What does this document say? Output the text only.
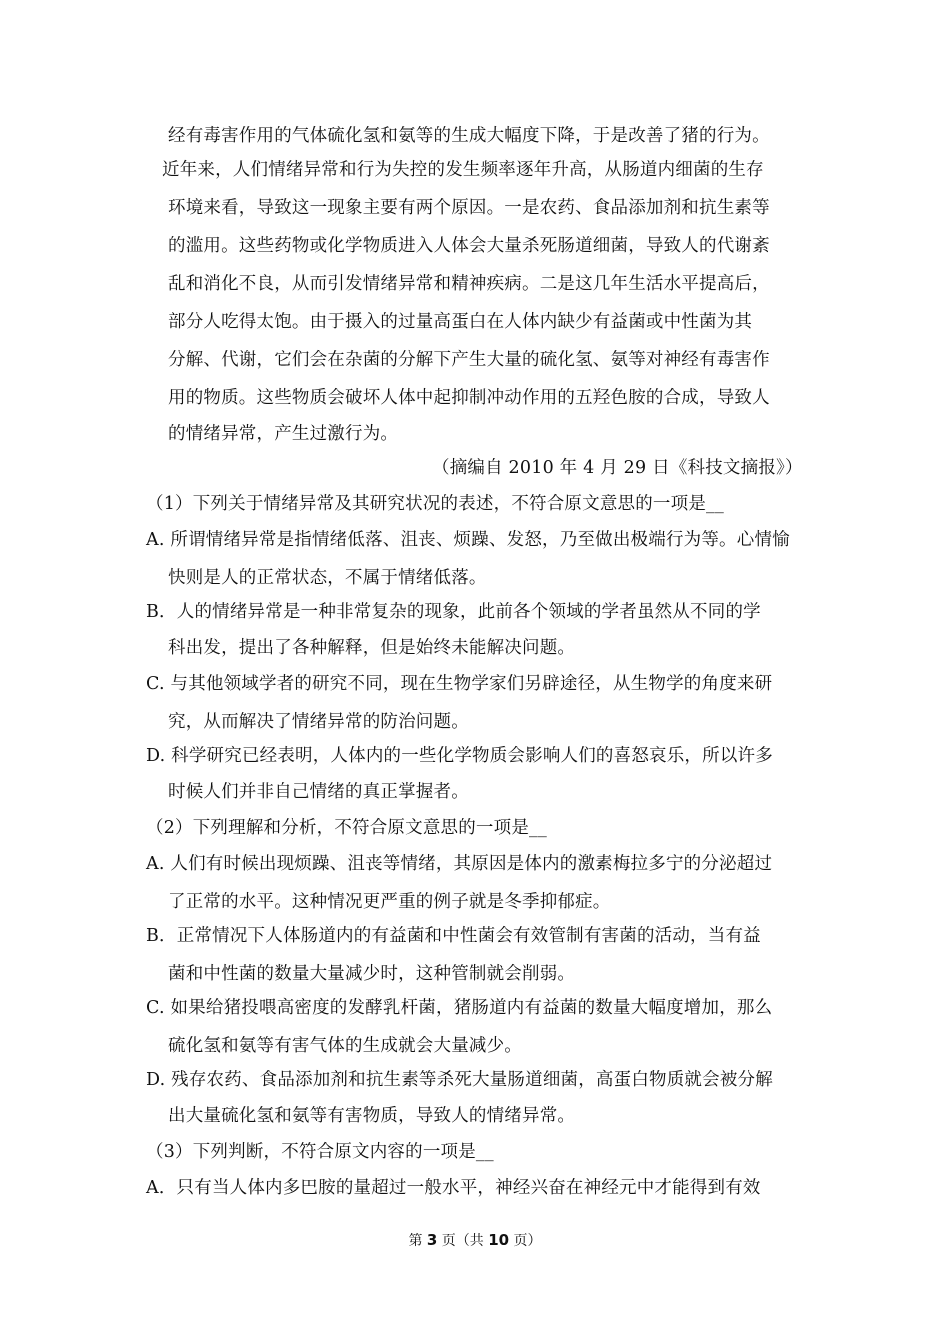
经有毒害作用的气体硫化氢和氨等的生成大幅度下降，于是改善了猪的行为。
近年来，人们情绪异常和行为失控的发生频率逐年升高，从肠道内细菌的生存
环境来看，导致这一现象主要有两个原因。一是农药、食品添加剂和抗生素等
的滥用。这些药物或化学物质进入人体会大量杀死肠道细菌，导致人的代谢紊
乱和消化不良，从而引发情绪异常和精神疾病。二是这几年生活水平提高后，
部分人吃得太饱。由于摄入的过量高蛋白在人体内缺少有益菌或中性菌为其
分解、代谢，它们会在杂菌的分解下产生大量的硫化氢、氨等对神经有毒害作
用的物质。这些物质会破坏人体中起抑制冲动作用的五羟色胺的合成，导致人
的情绪异常，产生过激行为。
（摘编自 2010 年 4 月 29 日《科技文摘报》）
（1）下列关于情绪异常及其研究状况的表述，不符合原文意思的一项是__
A. 所谓情绪异常是指情绪低落、沮丧、烦躁、发怒，乃至做出极端行为等。心情愉
快则是人的正常状态，不属于情绪低落。
B．人的情绪异常是一种非常复杂的现象，此前各个领域的学者虽然从不同的学
科出发，提出了各种解释，但是始终未能解决问题。
C. 与其他领域学者的研究不同，现在生物学家们另辟途径，从生物学的角度来研
究，从而解决了情绪异常的防治问题。
D. 科学研究已经表明，人体内的一些化学物质会影响人们的喜怒哀乐，所以许多
时候人们并非自己情绪的真正掌握者。
（2）下列理解和分析，不符合原文意思的一项是__
A. 人们有时候出现烦躁、沮丧等情绪，其原因是体内的激素梅拉多宁的分泌超过
了正常的水平。这种情况更严重的例子就是冬季抑郁症。
B．正常情况下人体肠道内的有益菌和中性菌会有效管制有害菌的活动，当有益
菌和中性菌的数量大量减少时，这种管制就会削弱。
C. 如果给猪投喂高密度的发酵乳杆菌，猪肠道内有益菌的数量大幅度增加，那么
硫化氢和氨等有害气体的生成就会大量减少。
D. 残存农药、食品添加剂和抗生素等杀死大量肠道细菌，高蛋白物质就会被分解
出大量硫化氢和氨等有害物质，导致人的情绪异常。
（3）下列判断，不符合原文内容的一项是__
A．只有当人体内多巴胺的量超过一般水平，神经兴奋在神经元中才能得到有效
第 3 页（共 10 页）
